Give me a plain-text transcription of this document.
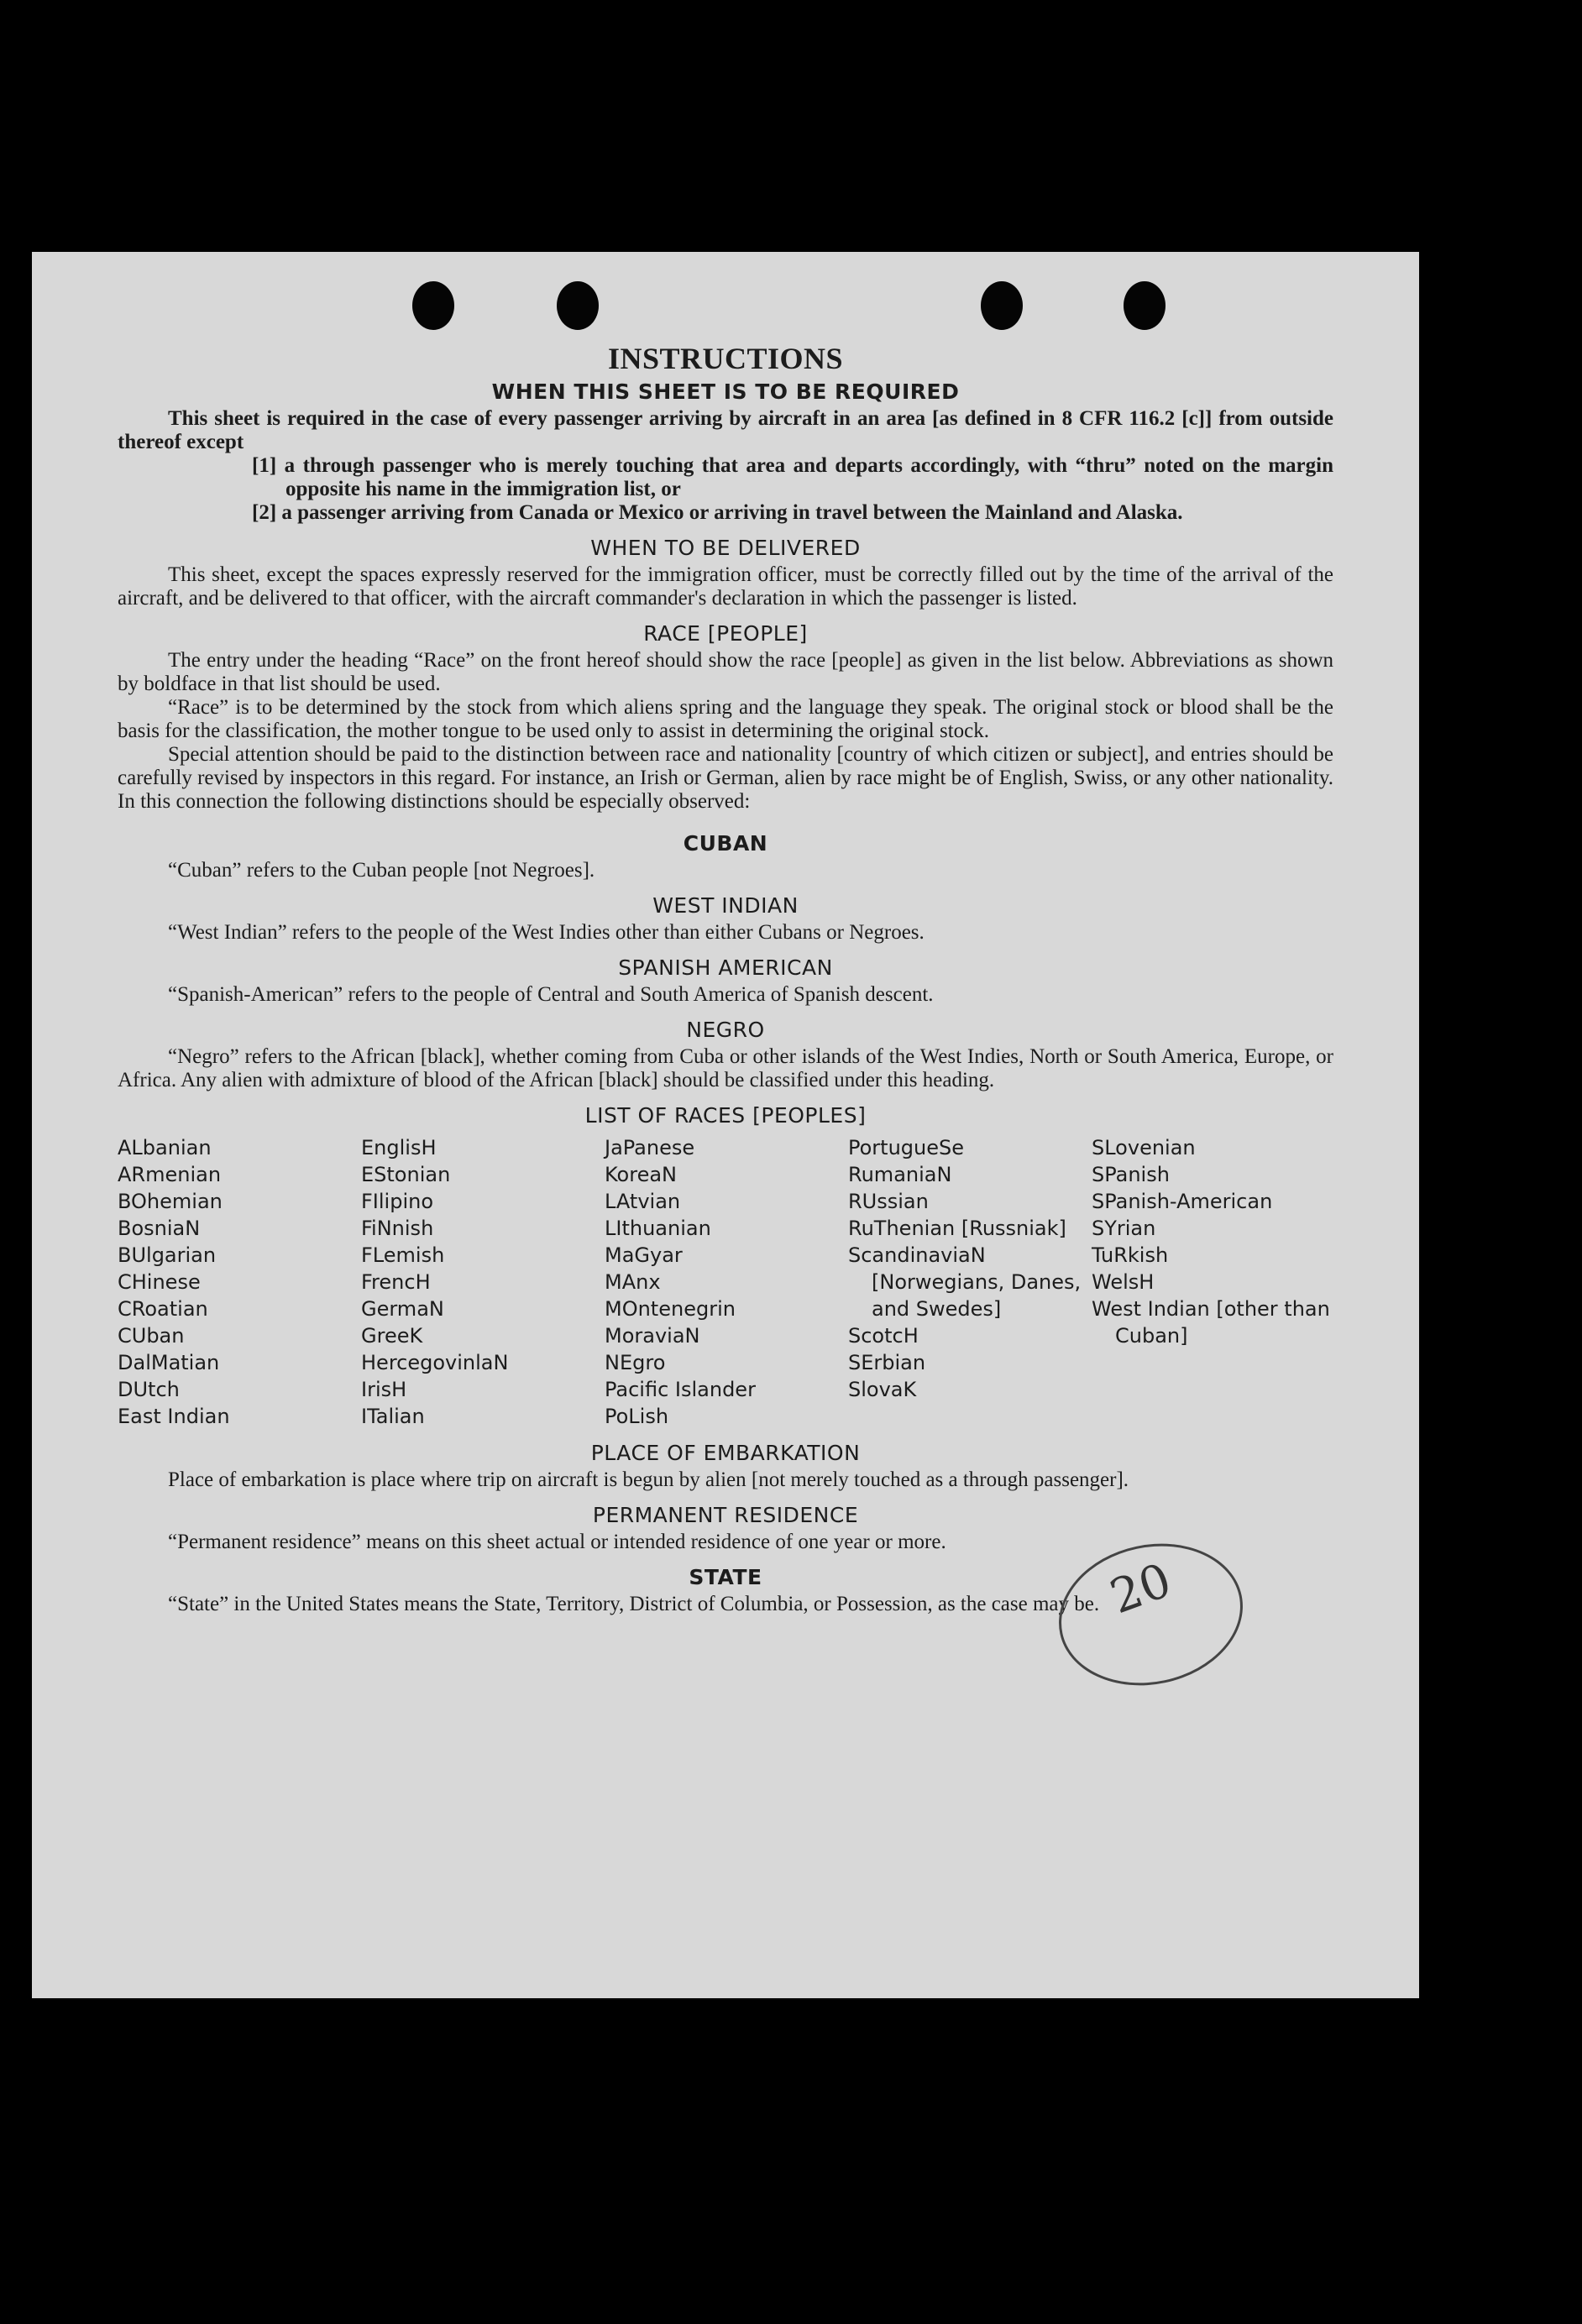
INSTRUCTIONS
WHEN THIS SHEET IS TO BE REQUIRED

This sheet is required in the case of every passenger arriving by aircraft in an area [as defined in 8 CFR 116.2 [c]] from outside thereof except

[1] a through passenger who is merely touching that area and departs accordingly, with “thru” noted on the margin opposite his name in the immigration list, or

[2] a passenger arriving from Canada or Mexico or arriving in travel between the Mainland and Alaska.

WHEN TO BE DELIVERED

This sheet, except the spaces expressly reserved for the immigration officer, must be correctly filled out by the time of the arrival of the aircraft, and be delivered to that officer, with the aircraft commander's declaration in which the passenger is listed.

RACE [PEOPLE]

The entry under the heading “Race” on the front hereof should show the race [people] as given in the list below. Abbreviations as shown by boldface in that list should be used.

“Race” is to be determined by the stock from which aliens spring and the language they speak. The original stock or blood shall be the basis for the classification, the mother tongue to be used only to assist in determining the original stock.

Special attention should be paid to the distinction between race and nationality [country of which citizen or subject], and entries should be carefully revised by inspectors in this regard. For instance, an Irish or German, alien by race might be of English, Swiss, or any other nationality. In this connection the following distinctions should be especially observed:

CUBAN

“Cuban” refers to the Cuban people [not Negroes].

WEST INDIAN

“West Indian” refers to the people of the West Indies other than either Cubans or Negroes.

SPANISH AMERICAN

“Spanish-American” refers to the people of Central and South America of Spanish descent.

NEGRO

“Negro” refers to the African [black], whether coming from Cuba or other islands of the West Indies, North or South America, Europe, or Africa. Any alien with admixture of blood of the African [black] should be classified under this heading.

LIST OF RACES [PEOPLES]
ALbanian
ARmenian
BOhemian
BosniaN
BUlgarian
CHinese
CRoatian
CUban
DalMatian
DUtch
East Indian
EnglisH
EStonian
FIlipino
FiNnish
FLemish
FrencH
GermaN
GreeK
HercegovinlaN
IrisH
ITalian
JaPanese
KoreaN
LAtvian
LIthuanian
MaGyar
MAnx
MOntenegrin
MoraviaN
NEgro
Pacific Islander
PoLish
PortugueSe
RumaniaN
RUssian
RuThenian [Russniak]
ScandinaviaN [Norwegians, Danes, and Swedes]
ScotcH
SErbian
SlovaK
SLovenian
SPanish
SPanish-American
SYrian
TuRkish
WelsH
West Indian [other than Cuban]
PLACE OF EMBARKATION

Place of embarkation is place where trip on aircraft is begun by alien [not merely touched as a through passenger].

PERMANENT RESIDENCE

“Permanent residence” means on this sheet actual or intended residence of one year or more.

STATE

“State” in the United States means the State, Territory, District of Columbia, or Possession, as the case may be. 20
